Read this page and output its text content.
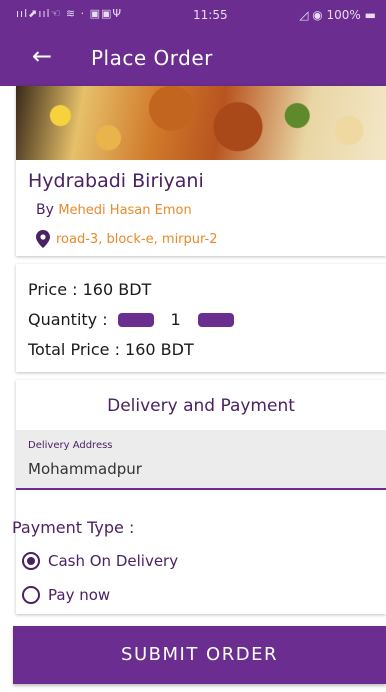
ııl⬈ııl☜ ≋ · ▣▣Ψ	11:55	◿ ◉ 100% ▬
← Place Order
Hydrabadi Biriyani
By Mehedi Hasan Emon
road-3, block-e, mirpur-2
Price : 160 BDT
Quantity :	1
Total Price : 160 BDT
Delivery and Payment
Delivery Address
Mohammadpur
Payment Type :
Cash On Delivery
Pay now
SUBMIT ORDER
